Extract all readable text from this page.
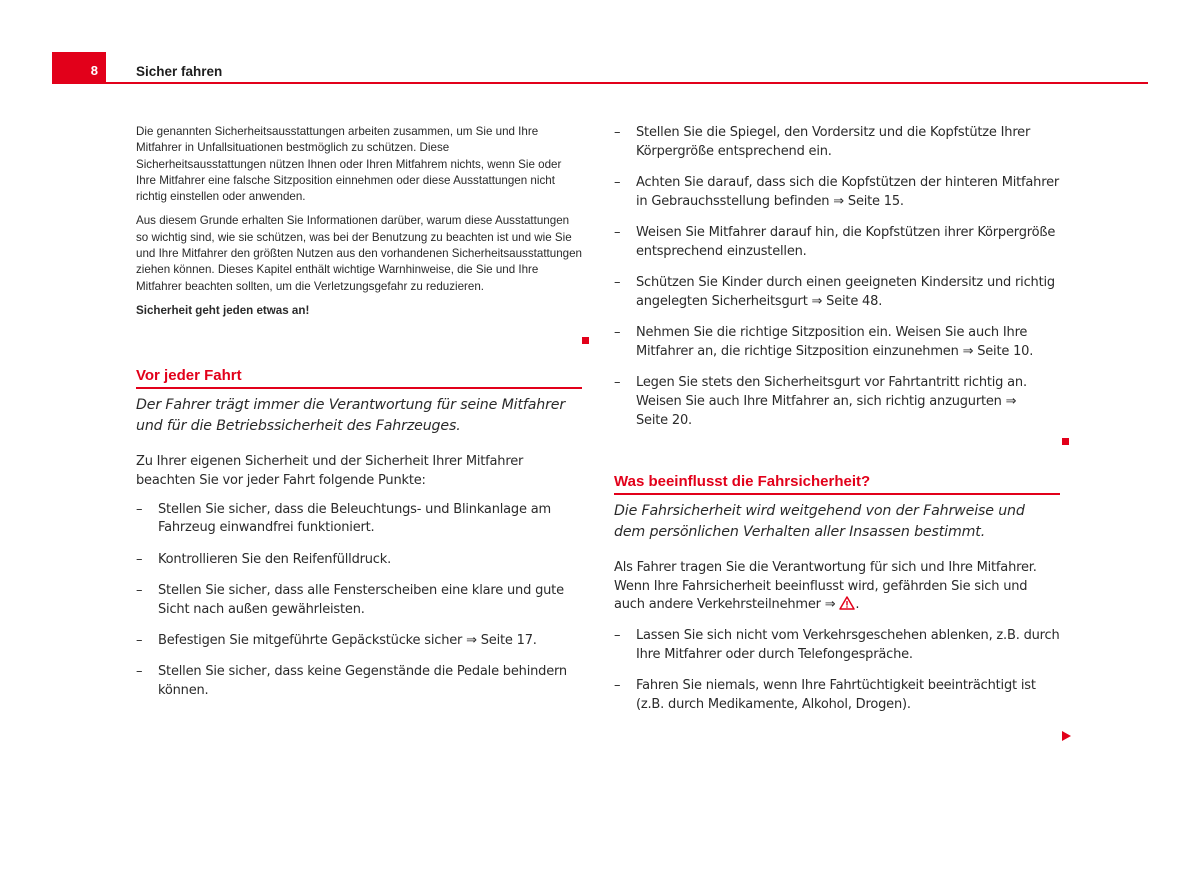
8	Sicher fahren

Die genannten Sicherheitsausstattungen arbeiten zusammen, um Sie und Ihre Mitfahrer in Unfallsituationen bestmöglich zu schützen. Diese Sicherheitsausstattungen nützen Ihnen oder Ihren Mitfahrem nichts, wenn Sie oder Ihre Mitfahrer eine falsche Sitzposition einnehmen oder diese Ausstattungen nicht richtig einstellen oder anwenden.

Aus diesem Grunde erhalten Sie Informationen darüber, warum diese Ausstattungen so wichtig sind, wie sie schützen, was bei der Benutzung zu beachten ist und wie Sie und Ihre Mitfahrer den größten Nutzen aus den vorhandenen Sicherheitsausstattungen ziehen können. Dieses Kapitel enthält wichtige Warnhinweise, die Sie und Ihre Mitfahrer beachten sollten, um die Verletzungsgefahr zu reduzieren.

Sicherheit geht jeden etwas an!

Vor jeder Fahrt

Der Fahrer trägt immer die Verantwortung für seine Mitfahrer und für die Betriebssicherheit des Fahrzeuges.

Zu Ihrer eigenen Sicherheit und der Sicherheit Ihrer Mitfahrer beachten Sie vor jeder Fahrt folgende Punkte:

– Stellen Sie sicher, dass die Beleuchtungs- und Blinkanlage am Fahrzeug einwandfrei funktioniert.
– Kontrollieren Sie den Reifenfülldruck.
– Stellen Sie sicher, dass alle Fensterscheiben eine klare und gute Sicht nach außen gewährleisten.
– Befestigen Sie mitgeführte Gepäckstücke sicher ⇒ Seite 17.
– Stellen Sie sicher, dass keine Gegenstände die Pedale behindern können.
– Stellen Sie die Spiegel, den Vordersitz und die Kopfstütze Ihrer Körpergröße entsprechend ein.
– Achten Sie darauf, dass sich die Kopfstützen der hinteren Mitfahrer in Gebrauchsstellung befinden ⇒ Seite 15.
– Weisen Sie Mitfahrer darauf hin, die Kopfstützen ihrer Körpergröße entsprechend einzustellen.
– Schützen Sie Kinder durch einen geeigneten Kindersitz und richtig angelegten Sicherheitsgurt ⇒ Seite 48.
– Nehmen Sie die richtige Sitzposition ein. Weisen Sie auch Ihre Mitfahrer an, die richtige Sitzposition einzunehmen ⇒ Seite 10.
– Legen Sie stets den Sicherheitsgurt vor Fahrtantritt richtig an. Weisen Sie auch Ihre Mitfahrer an, sich richtig anzugurten ⇒ Seite 20.
Was beeinflusst die Fahrsicherheit?

Die Fahrsicherheit wird weitgehend von der Fahrweise und dem persönlichen Verhalten aller Insassen bestimmt.

Als Fahrer tragen Sie die Verantwortung für sich und Ihre Mitfahrer. Wenn Ihre Fahrsicherheit beeinflusst wird, gefährden Sie sich und auch andere Verkehrsteilnehmer ⇒ .

– Lassen Sie sich nicht vom Verkehrsgeschehen ablenken, z.B. durch Ihre Mitfahrer oder durch Telefongespräche.
– Fahren Sie niemals, wenn Ihre Fahrtüchtigkeit beeinträchtigt ist (z.B. durch Medikamente, Alkohol, Drogen).
